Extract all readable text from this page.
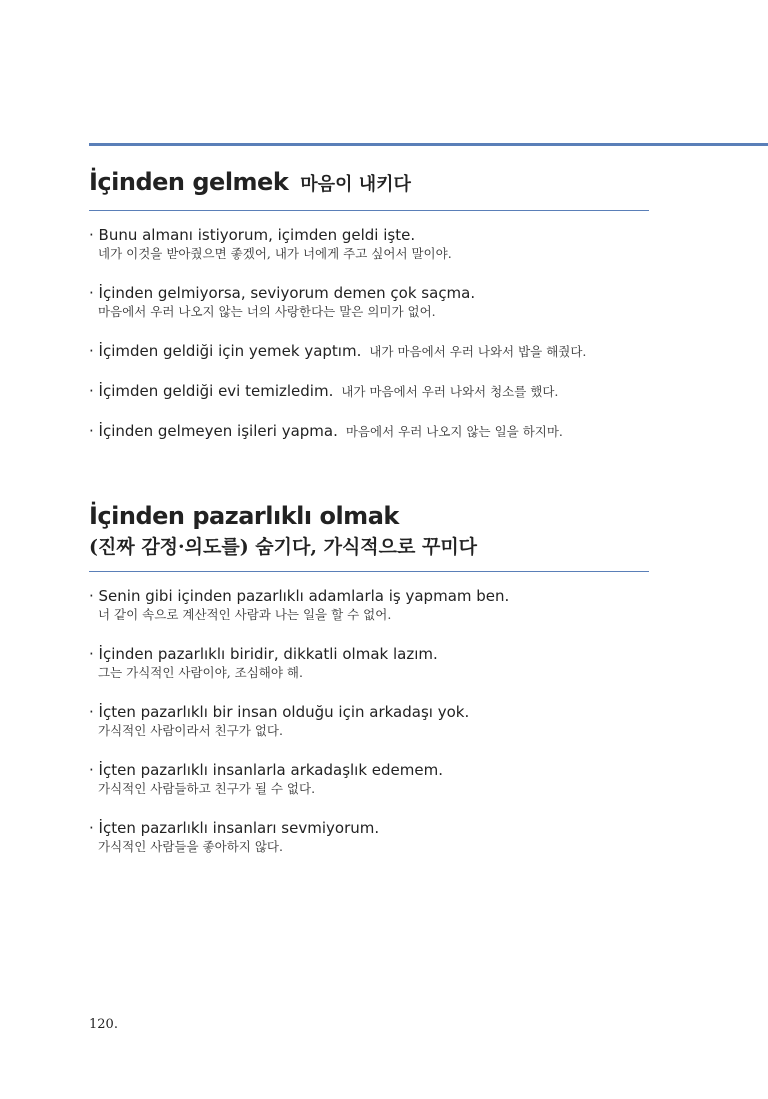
İçinden gelmek 마음이 내키다
· Bunu almanı istiyorum, içimden geldi işte.
네가 이것을 받아줬으면 좋겠어, 내가 너에게 주고 싶어서 말이야.
· İçinden gelmiyorsa, seviyorum demen çok saçma.
마음에서 우러 나오지 않는 너의 사랑한다는 말은 의미가 없어.
· İçimden geldiği için yemek yaptım. 내가 마음에서 우러 나와서 밥을 해줬다.
· İçimden geldiği evi temizledim. 내가 마음에서 우러 나와서 청소를 했다.
· İçinden gelmeyen işileri yapma. 마음에서 우러 나오지 않는 일을 하지마.
İçinden pazarlıklı olmak
(진짜 감정·의도를) 숨기다, 가식적으로 꾸미다
· Senin gibi içinden pazarlıklı adamlarla iş yapmam ben.
너 같이 속으로 계산적인 사람과 나는 일을 할 수 없어.
· İçinden pazarlıklı biridir, dikkatli olmak lazım.
그는 가식적인 사람이야, 조심해야 해.
· İçten pazarlıklı bir insan olduğu için arkadaşı yok.
가식적인 사람이라서 친구가 없다.
· İçten pazarlıklı insanlarla arkadaşlık edemem.
가식적인 사람들하고 친구가 될 수 없다.
· İçten pazarlıklı insanları sevmiyorum.
가식적인 사람들을 좋아하지 않다.
120.
